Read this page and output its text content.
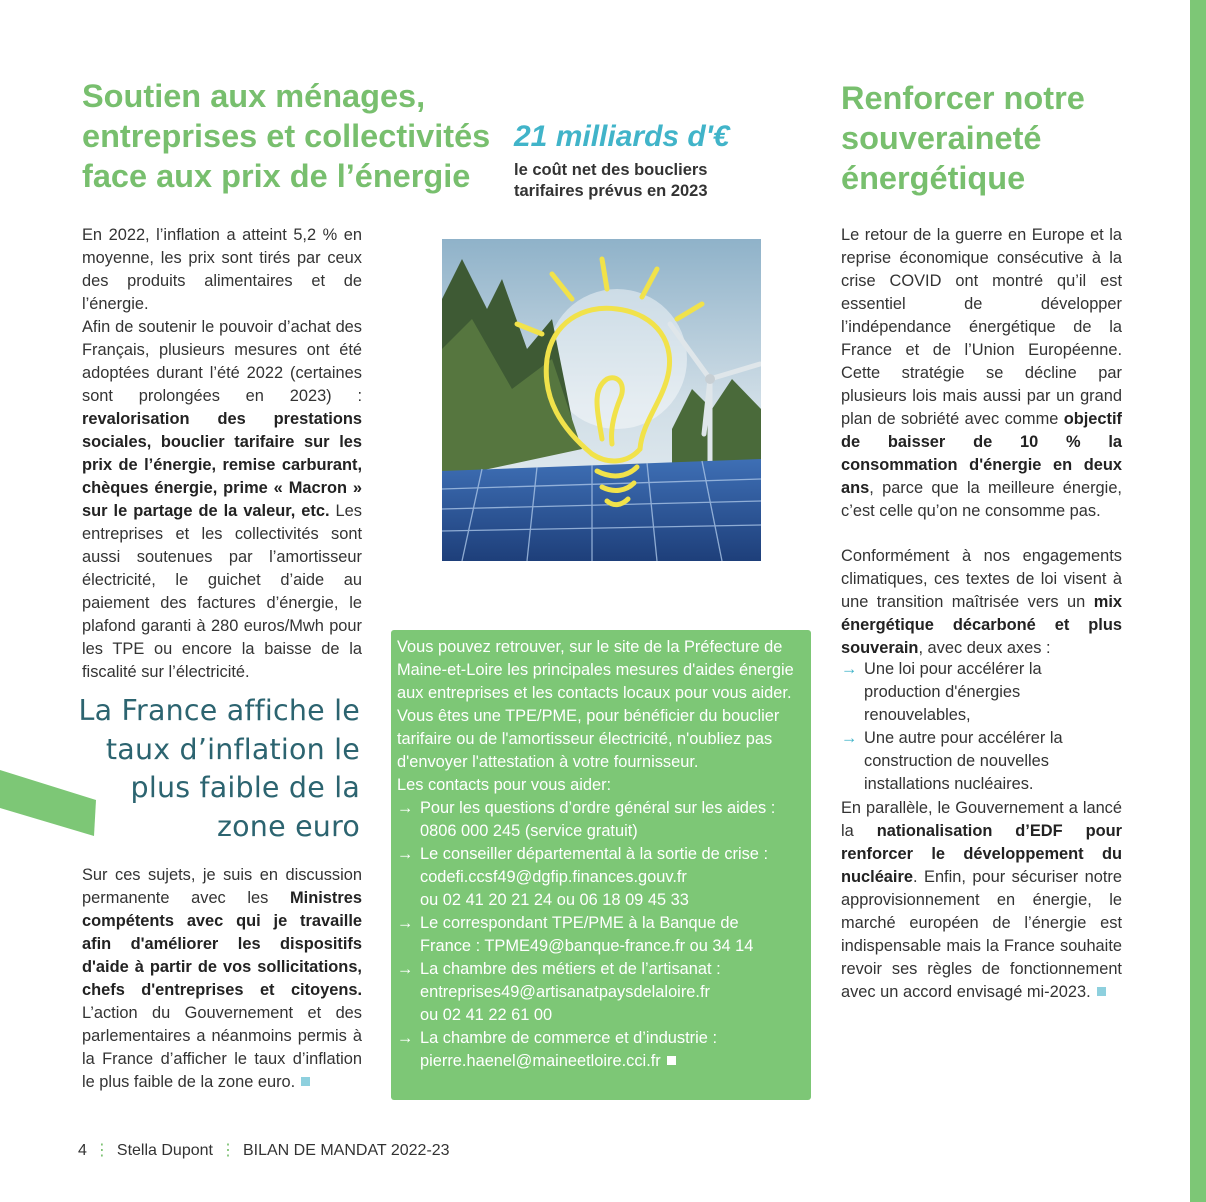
Soutien aux ménages, entreprises et collectivités face aux prix de l’énergie

En 2022, l’inflation a atteint 5,2 % en moyenne, les prix sont tirés par ceux des produits alimentaires et de l’énergie.
Afin de soutenir le pouvoir d’achat des Français, plusieurs mesures ont été adoptées durant l’été 2022 (certaines sont prolongées en 2023) : revalorisation des prestations sociales, bouclier tarifaire sur les prix de l’énergie, remise carburant, chèques énergie, prime « Macron » sur le partage de la valeur, etc. Les entreprises et les collectivités sont aussi soutenues par l’amortisseur électricité, le guichet d’aide au paiement des factures d’énergie, le plafond garanti à 280 euros/Mwh pour les TPE ou encore la baisse de la fiscalité sur l’électricité.

La France affiche le taux d’inflation le plus faible de la zone euro

Sur ces sujets, je suis en discussion permanente avec les Ministres compétents avec qui je travaille afin d'améliorer les dispositifs d'aide à partir de vos sollicitations, chefs d'entreprises et citoyens. L’action du Gouvernement et des parlementaires a néanmoins permis à la France d’afficher le taux d’inflation le plus faible de la zone euro.

21 milliards d'€

le coût net des boucliers tarifaires prévus en 2023

Vous pouvez retrouver, sur le site de la Préfecture de Maine-et-Loire les principales mesures d'aides énergie aux entreprises et les contacts locaux pour vous aider.

Vous êtes une TPE/PME, pour bénéficier du bouclier tarifaire ou de l'amortisseur électricité, n'oubliez pas d'envoyer l'attestation à votre fournisseur.

Les contacts pour vous aider:

→ Pour les questions d’ordre général sur les aides :
0806 000 245 (service gratuit)
→ Le conseiller départemental à la sortie de crise :
codefi.ccsf49@dgfip.finances.gouv.fr
ou 02 41 20 21 24 ou 06 18 09 45 33
→ Le correspondant TPE/PME à la Banque de
France : TPME49@banque-france.fr ou 34 14
→ La chambre des métiers et de l’artisanat :
entreprises49@artisanatpaysdelaloire.fr
ou 02 41 22 61 00
→ La chambre de commerce et d’industrie :
pierre.haenel@maineetloire.cci.fr
Renforcer notre souveraineté énergétique

Le retour de la guerre en Europe et la reprise économique consécutive à la crise COVID ont montré qu’il est essentiel de développer l’indépendance énergétique de la France et de l’Union Européenne. Cette stratégie se décline par plusieurs lois mais aussi par un grand plan de sobriété avec comme objectif de baisser de 10 % la consommation d'énergie en deux ans, parce que la meilleure énergie, c’est celle qu’on ne consomme pas.

Conformément à nos engagements climatiques, ces textes de loi visent à une transition maîtrisée vers un mix énergétique décarboné et plus souverain, avec deux axes :

→ Une loi pour accélérer la production d'énergies renouvelables,
→ Une autre pour accélérer la construction de nouvelles installations nucléaires.

En parallèle, le Gouvernement a lancé la nationalisation d’EDF pour renforcer le développement du nucléaire. Enfin, pour sécuriser notre approvisionnement en énergie, le marché européen de l’énergie est indispensable mais la France souhaite revoir ses règles de fonctionnement avec un accord envisagé mi-2023.

4 ⋮ Stella Dupont ⋮ BILAN DE MANDAT 2022-23
